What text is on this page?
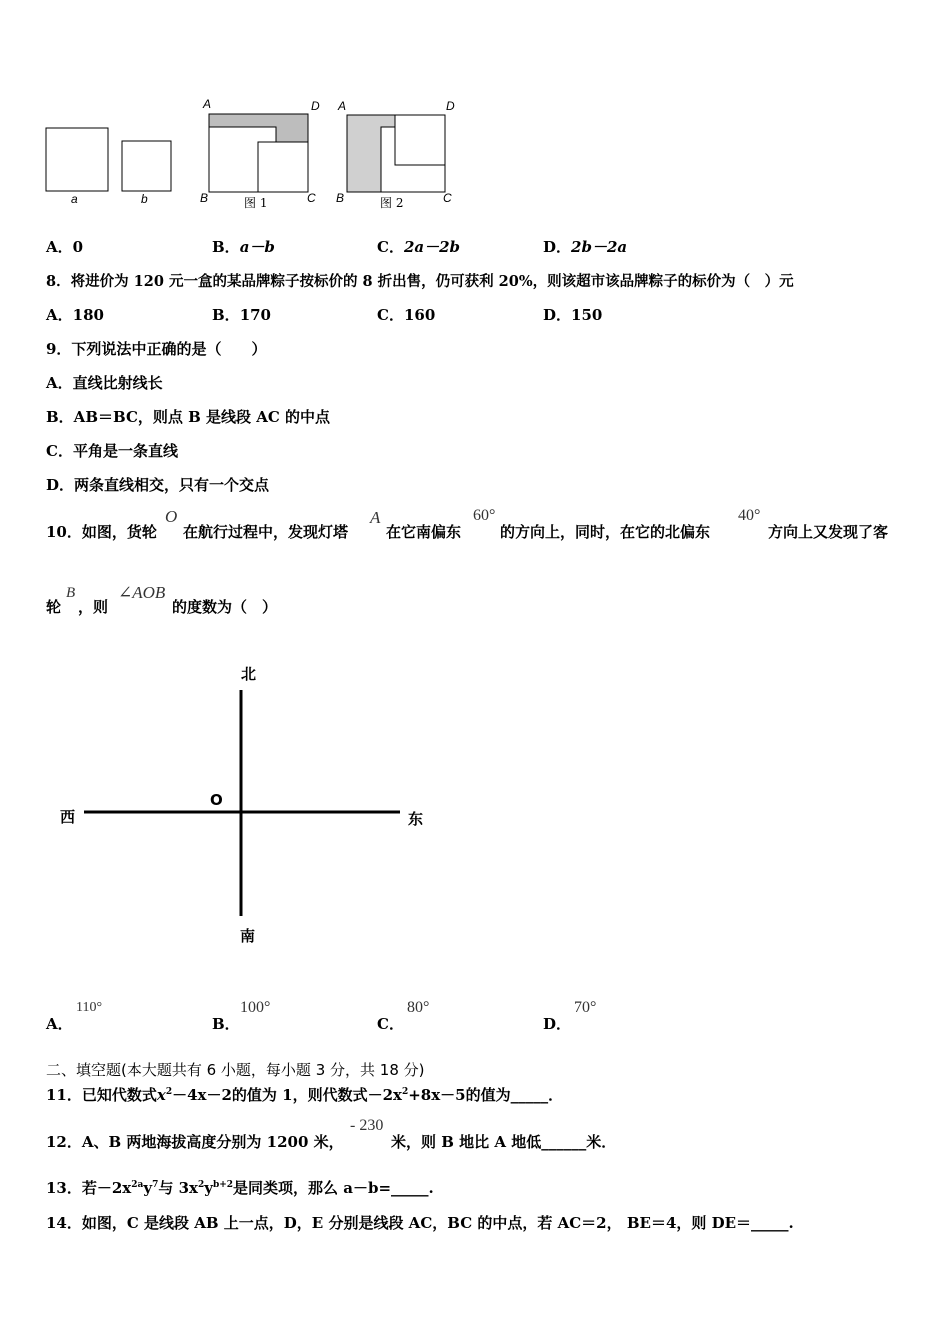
a	b
A	D
B	C
图 1
A	D
B	C
图 2
A．0	B．a－b	C．2a－2b	D．2b－2a
8．将进价为 120 元一盒的某品牌粽子按标价的 8 折出售，仍可获利 20%，则该超市该品牌粽子的标价为（　）元
A．180	B．170	C．160	D．150
9．下列说法中正确的是（　　）
A．直线比射线长
B．AB＝BC，则点 B 是线段 AC 的中点
C．平角是一条直线
D．两条直线相交，只有一个交点
10．如图，货轮
O
在航行过程中，发现灯塔
A
在它南偏东
60°
的方向上，同时，在它的北偏东
40°
方向上又发现了客
轮
B
，则
∠AOB
的度数为（　）
北
南
西	东
O
A．
110°
B．
100°
C．
80°
D．
70°
二、填空题(本大题共有 6 小题，每小题 3 分，共 18 分)
11．已知代数式$x^2-4x-2$的值为 1，则代数式$-2x^2+8x-5$的值为_____．
12．A、B 两地海拔高度分别为 1200 米，
- 230
米，则 B 地比 A 地低______米．
13．若$-2x^{2a}y^7$与 $3x^2y^{b+2}$是同类项，那么 a－b=_____.
14．如图，C 是线段 AB 上一点，D，E 分别是线段 AC，BC 的中点，若 AC＝2， BE＝4，则 DE＝_____.
